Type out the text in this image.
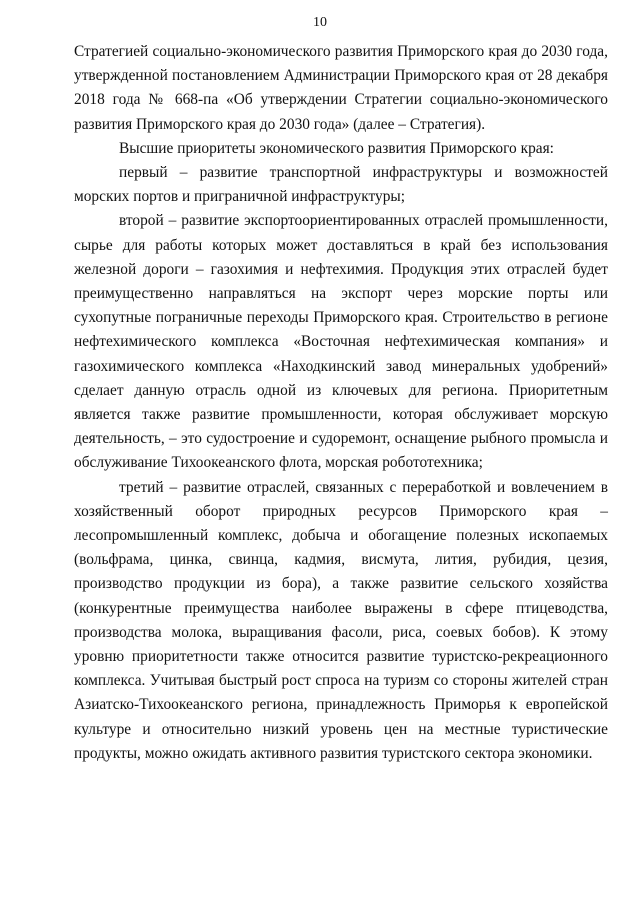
10

Стратегией социально-экономического развития Приморского края до 2030 года, утвержденной постановлением Администрации Приморского края от 28 декабря 2018 года № 668-па «Об утверждении Стратегии социально-экономического развития Приморского края до 2030 года» (далее – Стратегия).

Высшие приоритеты экономического развития Приморского края:

первый – развитие транспортной инфраструктуры и возможностей морских портов и приграничной инфраструктуры;

второй – развитие экспортоориентированных отраслей промышленности, сырье для работы которых может доставляться в край без использования железной дороги – газохимия и нефтехимия. Продукция этих отраслей будет преимущественно направляться на экспорт через морские порты или сухопутные пограничные переходы Приморского края. Строительство в регионе нефтехимического комплекса «Восточная нефтехимическая компания» и газохимического комплекса «Находкинский завод минеральных удобрений» сделает данную отрасль одной из ключевых для региона. Приоритетным является также развитие промышленности, которая обслуживает морскую деятельность, – это судостроение и судоремонт, оснащение рыбного промысла и обслуживание Тихоокеанского флота, морская робототехника;

третий – развитие отраслей, связанных с переработкой и вовлечением в хозяйственный оборот природных ресурсов Приморского края – лесопромышленный комплекс, добыча и обогащение полезных ископаемых (вольфрама, цинка, свинца, кадмия, висмута, лития, рубидия, цезия, производство продукции из бора), а также развитие сельского хозяйства (конкурентные преимущества наиболее выражены в сфере птицеводства, производства молока, выращивания фасоли, риса, соевых бобов). К этому уровню приоритетности также относится развитие туристско-рекреационного комплекса. Учитывая быстрый рост спроса на туризм со стороны жителей стран Азиатско-Тихоокеанского региона, принадлежность Приморья к европейской культуре и относительно низкий уровень цен на местные туристические продукты, можно ожидать активного развития туристского сектора экономики.
